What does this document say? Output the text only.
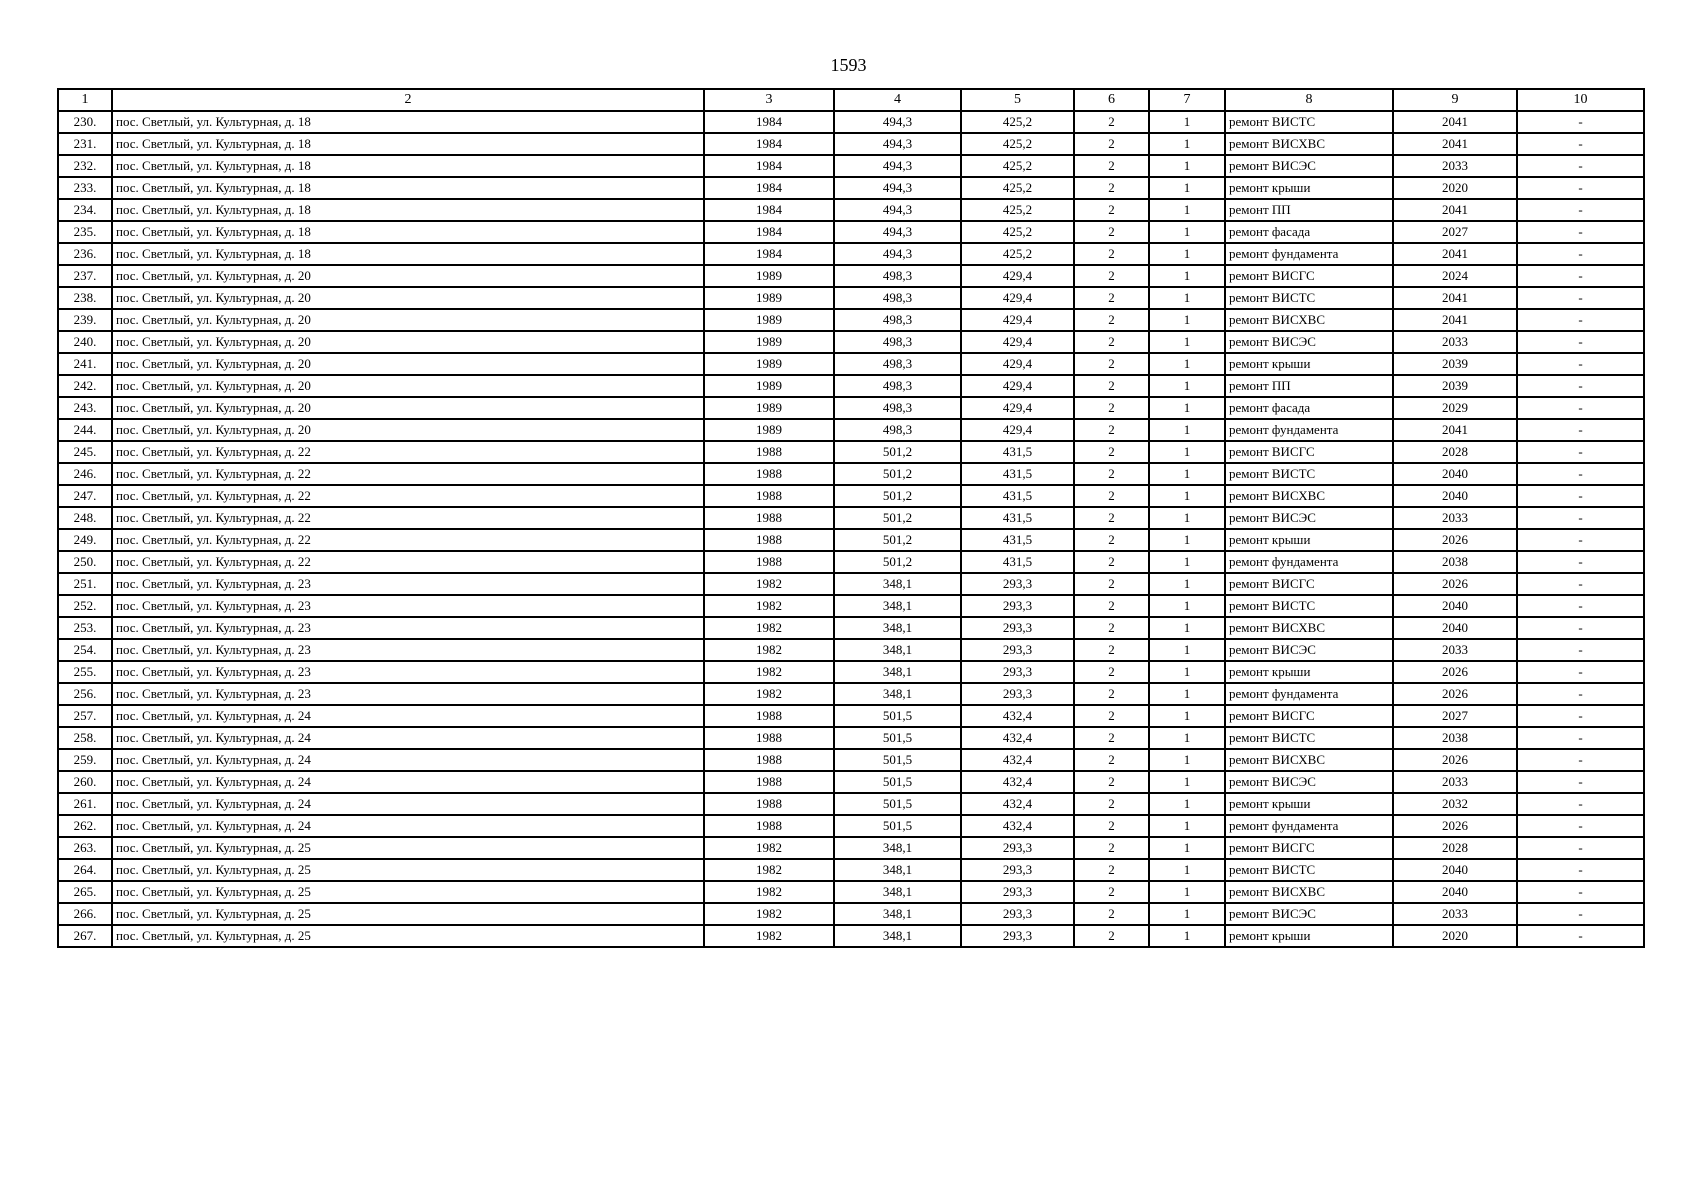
1593
1	2	3	4	5	6	7	8	9	10
230.	пос. Светлый, ул. Культурная, д. 18	1984	494,3	425,2	2	1	ремонт ВИСТС	2041	-
231.	пос. Светлый, ул. Культурная, д. 18	1984	494,3	425,2	2	1	ремонт ВИСХВС	2041	-
232.	пос. Светлый, ул. Культурная, д. 18	1984	494,3	425,2	2	1	ремонт ВИСЭС	2033	-
233.	пос. Светлый, ул. Культурная, д. 18	1984	494,3	425,2	2	1	ремонт крыши	2020	-
234.	пос. Светлый, ул. Культурная, д. 18	1984	494,3	425,2	2	1	ремонт ПП	2041	-
235.	пос. Светлый, ул. Культурная, д. 18	1984	494,3	425,2	2	1	ремонт фасада	2027	-
236.	пос. Светлый, ул. Культурная, д. 18	1984	494,3	425,2	2	1	ремонт фундамента	2041	-
237.	пос. Светлый, ул. Культурная, д. 20	1989	498,3	429,4	2	1	ремонт ВИСГС	2024	-
238.	пос. Светлый, ул. Культурная, д. 20	1989	498,3	429,4	2	1	ремонт ВИСТС	2041	-
239.	пос. Светлый, ул. Культурная, д. 20	1989	498,3	429,4	2	1	ремонт ВИСХВС	2041	-
240.	пос. Светлый, ул. Культурная, д. 20	1989	498,3	429,4	2	1	ремонт ВИСЭС	2033	-
241.	пос. Светлый, ул. Культурная, д. 20	1989	498,3	429,4	2	1	ремонт крыши	2039	-
242.	пос. Светлый, ул. Культурная, д. 20	1989	498,3	429,4	2	1	ремонт ПП	2039	-
243.	пос. Светлый, ул. Культурная, д. 20	1989	498,3	429,4	2	1	ремонт фасада	2029	-
244.	пос. Светлый, ул. Культурная, д. 20	1989	498,3	429,4	2	1	ремонт фундамента	2041	-
245.	пос. Светлый, ул. Культурная, д. 22	1988	501,2	431,5	2	1	ремонт ВИСГС	2028	-
246.	пос. Светлый, ул. Культурная, д. 22	1988	501,2	431,5	2	1	ремонт ВИСТС	2040	-
247.	пос. Светлый, ул. Культурная, д. 22	1988	501,2	431,5	2	1	ремонт ВИСХВС	2040	-
248.	пос. Светлый, ул. Культурная, д. 22	1988	501,2	431,5	2	1	ремонт ВИСЭС	2033	-
249.	пос. Светлый, ул. Культурная, д. 22	1988	501,2	431,5	2	1	ремонт крыши	2026	-
250.	пос. Светлый, ул. Культурная, д. 22	1988	501,2	431,5	2	1	ремонт фундамента	2038	-
251.	пос. Светлый, ул. Культурная, д. 23	1982	348,1	293,3	2	1	ремонт ВИСГС	2026	-
252.	пос. Светлый, ул. Культурная, д. 23	1982	348,1	293,3	2	1	ремонт ВИСТС	2040	-
253.	пос. Светлый, ул. Культурная, д. 23	1982	348,1	293,3	2	1	ремонт ВИСХВС	2040	-
254.	пос. Светлый, ул. Культурная, д. 23	1982	348,1	293,3	2	1	ремонт ВИСЭС	2033	-
255.	пос. Светлый, ул. Культурная, д. 23	1982	348,1	293,3	2	1	ремонт крыши	2026	-
256.	пос. Светлый, ул. Культурная, д. 23	1982	348,1	293,3	2	1	ремонт фундамента	2026	-
257.	пос. Светлый, ул. Культурная, д. 24	1988	501,5	432,4	2	1	ремонт ВИСГС	2027	-
258.	пос. Светлый, ул. Культурная, д. 24	1988	501,5	432,4	2	1	ремонт ВИСТС	2038	-
259.	пос. Светлый, ул. Культурная, д. 24	1988	501,5	432,4	2	1	ремонт ВИСХВС	2026	-
260.	пос. Светлый, ул. Культурная, д. 24	1988	501,5	432,4	2	1	ремонт ВИСЭС	2033	-
261.	пос. Светлый, ул. Культурная, д. 24	1988	501,5	432,4	2	1	ремонт крыши	2032	-
262.	пос. Светлый, ул. Культурная, д. 24	1988	501,5	432,4	2	1	ремонт фундамента	2026	-
263.	пос. Светлый, ул. Культурная, д. 25	1982	348,1	293,3	2	1	ремонт ВИСГС	2028	-
264.	пос. Светлый, ул. Культурная, д. 25	1982	348,1	293,3	2	1	ремонт ВИСТС	2040	-
265.	пос. Светлый, ул. Культурная, д. 25	1982	348,1	293,3	2	1	ремонт ВИСХВС	2040	-
266.	пос. Светлый, ул. Культурная, д. 25	1982	348,1	293,3	2	1	ремонт ВИСЭС	2033	-
267.	пос. Светлый, ул. Культурная, д. 25	1982	348,1	293,3	2	1	ремонт крыши	2020	-
